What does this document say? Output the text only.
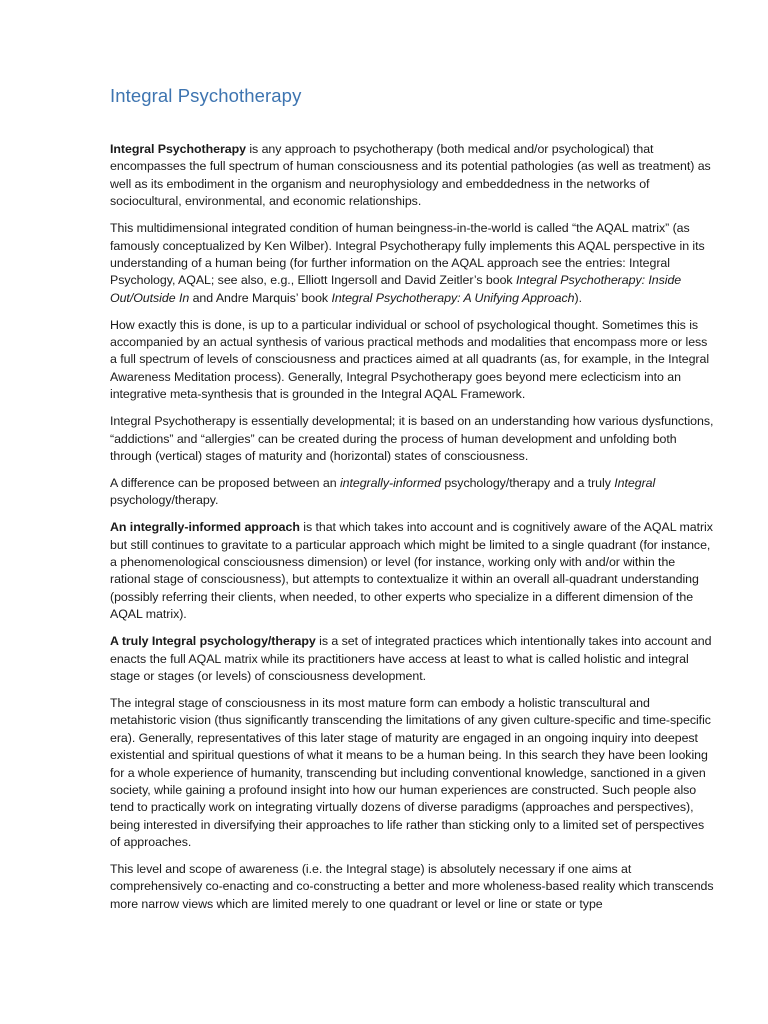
Integral Psychotherapy

Integral Psychotherapy is any approach to psychotherapy (both medical and/or psychological) that encompasses the full spectrum of human consciousness and its potential pathologies (as well as treatment) as well as its embodiment in the organism and neurophysiology and embeddedness in the networks of sociocultural, environmental, and economic relationships.

This multidimensional integrated condition of human beingness-in-the-world is called “the AQAL matrix” (as famously conceptualized by Ken Wilber). Integral Psychotherapy fully implements this AQAL perspective in its understanding of a human being (for further information on the AQAL approach see the entries: Integral Psychology, AQAL; see also, e.g., Elliott Ingersoll and David Zeitler’s book Integral Psychotherapy: Inside Out/Outside In and Andre Marquis’ book Integral Psychotherapy: A Unifying Approach).

How exactly this is done, is up to a particular individual or school of psychological thought. Sometimes this is accompanied by an actual synthesis of various practical methods and modalities that encompass more or less a full spectrum of levels of consciousness and practices aimed at all quadrants (as, for example, in the Integral Awareness Meditation process). Generally, Integral Psychotherapy goes beyond mere eclecticism into an integrative meta-synthesis that is grounded in the Integral AQAL Framework.

Integral Psychotherapy is essentially developmental; it is based on an understanding how various dysfunctions, “addictions” and “allergies” can be created during the process of human development and unfolding both through (vertical) stages of maturity and (horizontal) states of consciousness.

A difference can be proposed between an integrally-informed psychology/therapy and a truly Integral psychology/therapy.

An integrally-informed approach is that which takes into account and is cognitively aware of the AQAL matrix but still continues to gravitate to a particular approach which might be limited to a single quadrant (for instance, a phenomenological consciousness dimension) or level (for instance, working only with and/or within the rational stage of consciousness), but attempts to contextualize it within an overall all-quadrant understanding (possibly referring their clients, when needed, to other experts who specialize in a different dimension of the AQAL matrix).

A truly Integral psychology/therapy is a set of integrated practices which intentionally takes into account and enacts the full AQAL matrix while its practitioners have access at least to what is called holistic and integral stage or stages (or levels) of consciousness development.

The integral stage of consciousness in its most mature form can embody a holistic transcultural and metahistoric vision (thus significantly transcending the limitations of any given culture-specific and time-specific era). Generally, representatives of this later stage of maturity are engaged in an ongoing inquiry into deepest existential and spiritual questions of what it means to be a human being. In this search they have been looking for a whole experience of humanity, transcending but including conventional knowledge, sanctioned in a given society, while gaining a profound insight into how our human experiences are constructed. Such people also tend to practically work on integrating virtually dozens of diverse paradigms (approaches and perspectives), being interested in diversifying their approaches to life rather than sticking only to a limited set of perspectives of approaches.

This level and scope of awareness (i.e. the Integral stage) is absolutely necessary if one aims at comprehensively co-enacting and co-constructing a better and more wholeness-based reality which transcends more narrow views which are limited merely to one quadrant or level or line or state or type
